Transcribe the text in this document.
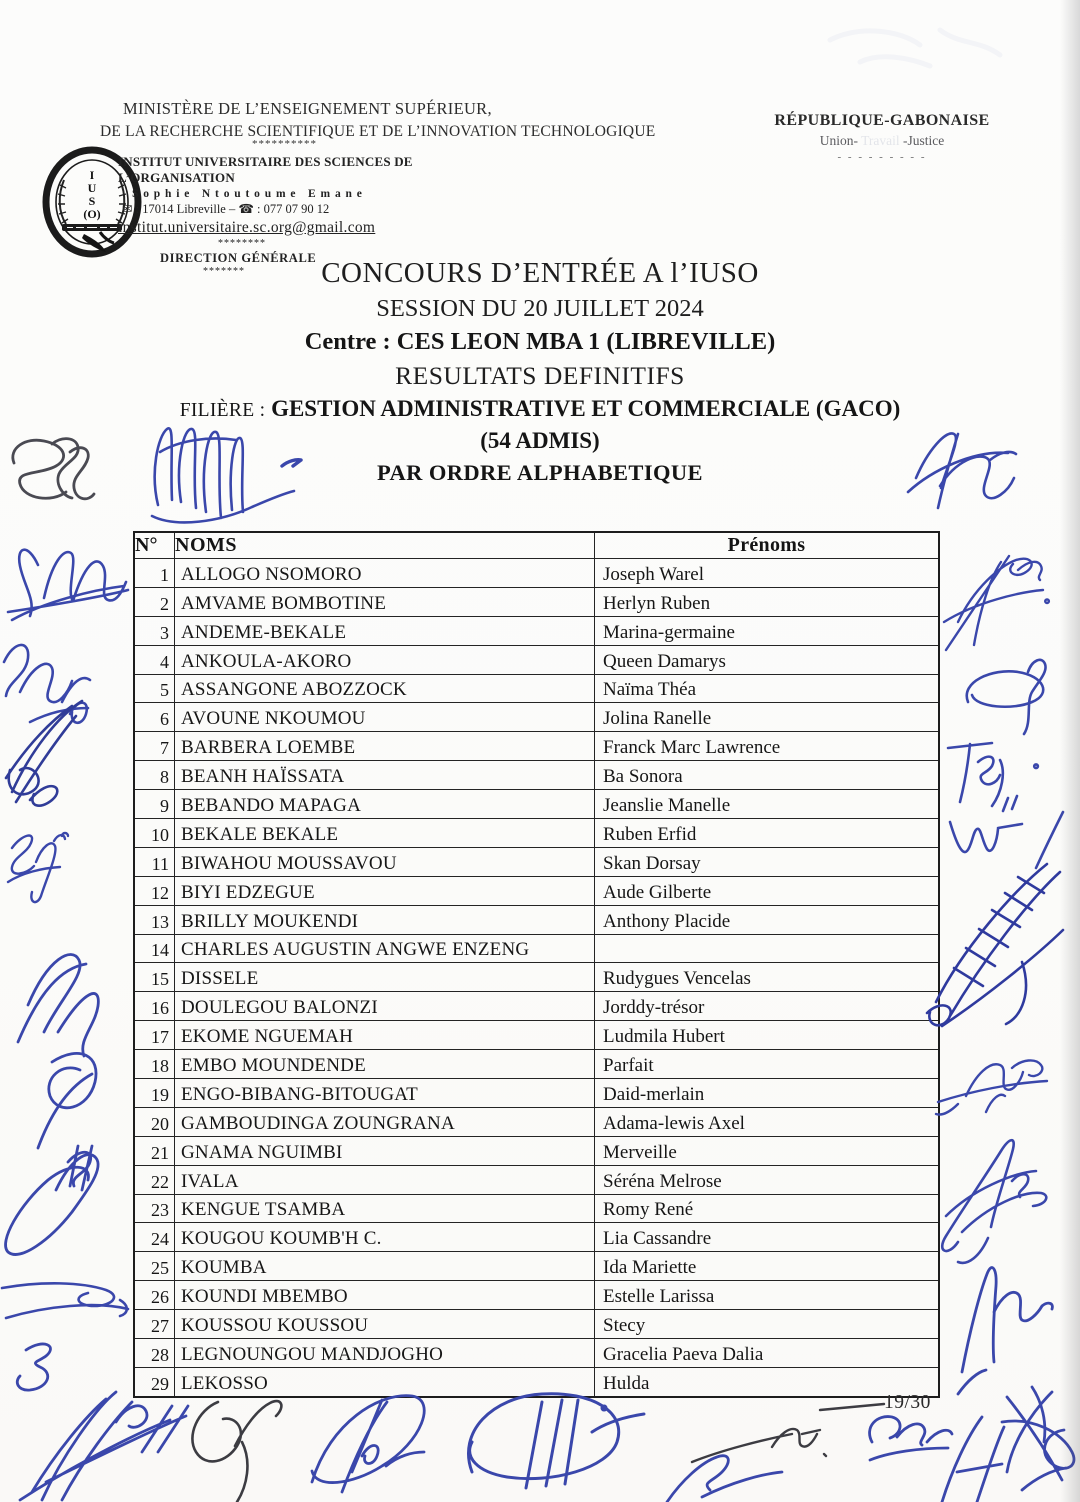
MINISTÈRE DE L’ENSEIGNEMENT SUPÉRIEUR,
DE LA RECHERCHE SCIENTIFIQUE ET DE L’INNOVATION TECHNOLOGIQUE
**********
I
U
S
(O)
INSTITUT UNIVERSITAIRE DES SCIENCES DE L’ORGANISATION
Sophie Ntoutoume Emane
✉ : 17014 Libreville – ☎ : 077 07 90 12
institut.universitaire.sc.org@gmail.com
********
DIRECTION GÉNÉRALE
*******
RÉPUBLIQUE-GABONAISE
Union- Travail -Justice
- - - - - - - - -
CONCOURS D’ENTRÉE A l’IUSO
SESSION DU 20 JUILLET 2024
Centre : CES LEON MBA 1 (LIBREVILLE)
RESULTATS DEFINITIFS
FILIÈRE : GESTION ADMINISTRATIVE ET COMMERCIALE (GACO)
(54 ADMIS)
PAR ORDRE ALPHABETIQUE
N°	NOMS	Prénoms
1	ALLOGO NSOMORO	Joseph Warel
2	AMVAME BOMBOTINE	Herlyn Ruben
3	ANDEME-BEKALE	Marina-germaine
4	ANKOULA-AKORO	Queen Damarys
5	ASSANGONE ABOZZOCK	Naïma Théa
6	AVOUNE NKOUMOU	Jolina Ranelle
7	BARBERA LOEMBE	Franck Marc Lawrence
8	BEANH HAÏSSATA	Ba Sonora
9	BEBANDO MAPAGA	Jeanslie Manelle
10	BEKALE BEKALE	Ruben Erfid
11	BIWAHOU MOUSSAVOU	Skan Dorsay
12	BIYI EDZEGUE	Aude Gilberte
13	BRILLY MOUKENDI	Anthony Placide
14	CHARLES AUGUSTIN ANGWE ENZENG	
15	DISSELE	Rudygues Vencelas
16	DOULEGOU BALONZI	Jorddy-trésor
17	EKOME NGUEMAH	Ludmila Hubert
18	EMBO MOUNDENDE	Parfait
19	ENGO-BIBANG-BITOUGAT	Daid-merlain
20	GAMBOUDINGA ZOUNGRANA	Adama-lewis Axel
21	GNAMA NGUIMBI	Merveille
22	IVALA	Séréna Melrose
23	KENGUE TSAMBA	Romy René
24	KOUGOU KOUMB'H C.	Lia Cassandre
25	KOUMBA	Ida Mariette
26	KOUNDI MBEMBO	Estelle Larissa
27	KOUSSOU KOUSSOU	Stecy
28	LEGNOUNGOU MANDJOGHO	Gracelia Paeva Dalia
29	LEKOSSO	Hulda
19/30
